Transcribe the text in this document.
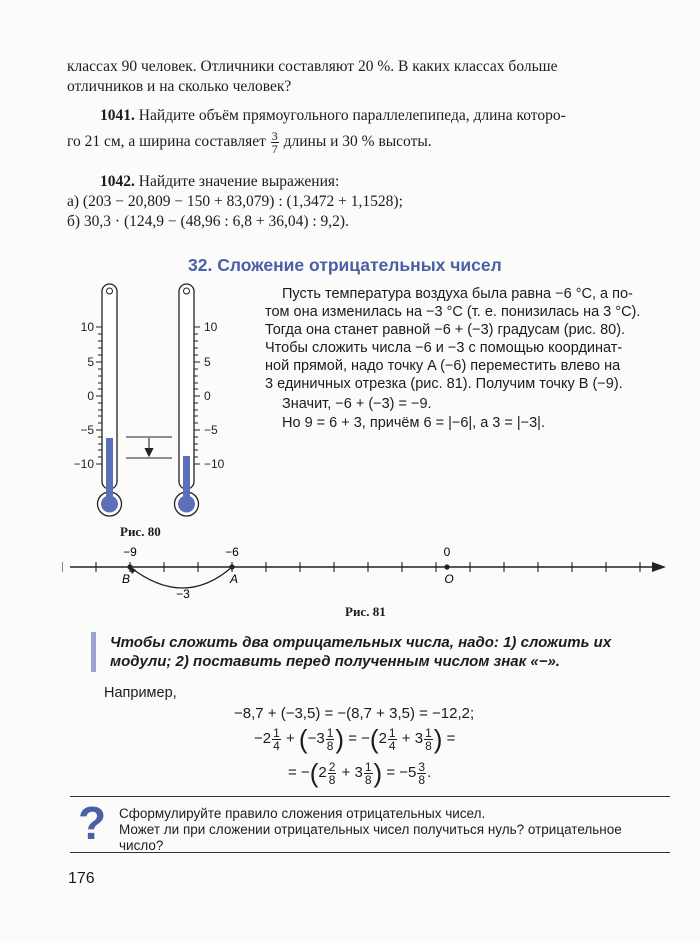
классах 90 человек. Отличники составляют 20 %. В каких классах больше
отличников и на сколько человек?
1041. Найдите объём прямоугольного параллелепипеда, длина которо-
го 21 см, а ширина составляет $\frac{3}{7}$ длины и 30 % высоты.
1042. Найдите значение выражения:
а) (203 − 20,809 − 150 + 83,079) : (1,3472 + 1,1528);
б) 30,3 · (124,9 − (48,96 : 6,8 + 36,04) : 9,2).
32. Сложение отрицательных чисел
10
5
0
−5
−10
10
5
0
−5
−10
Рис. 80
Пусть температура воздуха была равна −6 °С, а по-
том она изменилась на −3 °С (т. е. понизилась на 3 °С).
Тогда она станет равной −6 + (−3) градусам (рис. 80).
Чтобы сложить числа −6 и −3 с помощью координат-
ной прямой, надо точку A (−6) переместить влево на
3 единичных отрезка (рис. 81). Получим точку B (−9).
Значит, −6 + (−3) = −9.
Но 9 = 6 + 3, причём 6 = |−6|, а 3 = |−3|.
−9	−6	0
B	A	O
−3
Рис. 81
Чтобы сложить два отрицательных числа, надо: 1) сложить их
модули; 2) поставить перед полученным числом знак «−».
Например,
−8,7 + (−3,5) = −(8,7 + 3,5) = −12,2;
$-2 \frac{1}{4} + (-3 \frac{1}{8}$ ) = $-(2 \frac{1}{4} + 3 \frac{1}{8}$ ) =
= $-(2 \frac{2}{8} + 3 \frac{1}{8}$ ) = $-5 \frac{3}{8}$ .
? Сформулируйте правило сложения отрицательных чисел.
Может ли при сложении отрицательных чисел получиться нуль? отрицательное
число?
176
